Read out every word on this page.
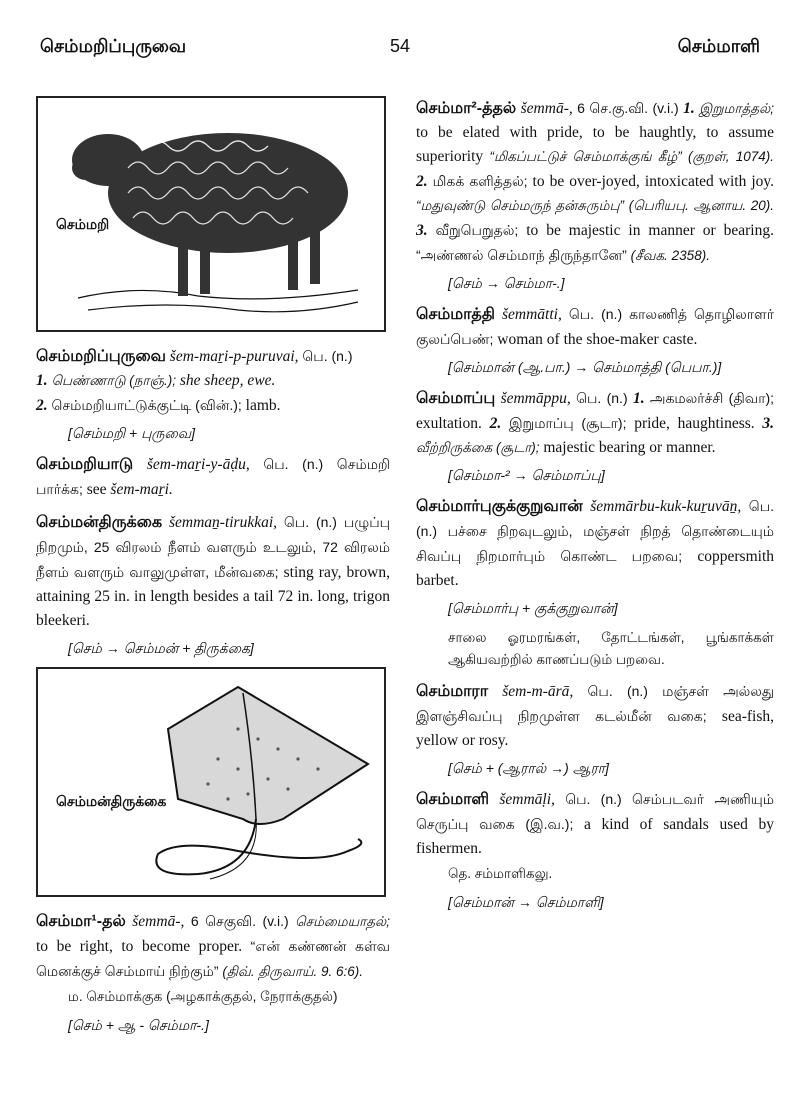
செம்மறிப்புருவை	54	செம்மாளி
செம்மறி
செம்மறிப்புருவை šem-maṟi-p-puruvai, பெ. (n.)
1. பெண்ணாடு (நாஞ்.); she sheep, ewe.
2. செம்மறியாட்டுக்குட்டி (வின்.); lamb.
[செம்மறி + புருவை]
செம்மறியாடு šem-maṟi-y-āḍu, பெ. (n.) செம்மறி பார்க்க; see šem-maṟi.
செம்மன்திருக்கை šemmaṉ-tirukkai, பெ. (n.) பழுப்பு நிறமும், 25 விரலம் நீளம் வளரும் உடலும், 72 விரலம் நீளம் வளரும் வாலுமுள்ள, மீன்வகை; sting ray, brown, attaining 25 in. in length besides a tail 72 in. long, trigon bleekeri.
[செம் → செம்மன் + திருக்கை]
செம்மன்திருக்கை
செம்மா¹-தல் šemmā-, 6 செகுவி. (v.i.) செம்மையாதல்; to be right, to become proper. “என் கண்ணன் கள்வ மெனக்குச் செம்மாய் நிற்கும்” (திவ். திருவாய். 9. 6:6).
ம. செம்மாக்குக (அழகாக்குதல், நேராக்குதல்)
[செம் + ஆ - செம்மா-.]
செம்மா²-த்தல் šemmā-, 6 செ.கு.வி. (v.i.) 1. இறுமாத்தல்; to be elated with pride, to be haughtly, to assume superiority “மிகப்பட்டுச் செம்மாக்குங் கீழ்” (குறள், 1074). 2. மிகக் களித்தல்; to be over-joyed, intoxicated with joy. “மதுவுண்டு செம்மருந் தன்சுரும்பு” (பெரியபு. ஆனாய. 20). 3. வீறுபெறுதல்; to be majestic in manner or bearing. “அண்ணல் செம்மாந் திருந்தானே” (சீவக. 2358).
[செம் → செம்மா-.]
செம்மாத்தி šemmātti, பெ. (n.) காலணித் தொழிலாளர் குலப்பெண்; woman of the shoe-maker caste.
[செம்மான் (ஆ.பா.) → செம்மாத்தி (பெபா.)]
செம்மாப்பு šemmāppu, பெ. (n.) 1. அகமலர்ச்சி (திவா); exultation. 2. இறுமாப்பு (சூடா); pride, haughtiness. 3. வீற்றிருக்கை (சூடா); majestic bearing or manner.
[செம்மா-² → செம்மாப்பு]
செம்மார்புகுக்குறுவான் šemmārbu-kuk-kuṟuvāṉ, பெ. (n.) பச்சை நிறவுடலும், மஞ்சள் நிறத் தொண்டையும் சிவப்பு நிறமார்பும் கொண்ட பறவை; coppersmith barbet.
[செம்மார்பு + குக்குறுவான்]
சாலை ஓரமரங்கள், தோட்டங்கள், பூங்காக்கள் ஆகியவற்றில் காணப்படும் பறவை.
செம்மாரா šem-m-ārā, பெ. (n.) மஞ்சள் அல்லது இளஞ்சிவப்பு நிறமுள்ள கடல்மீன் வகை; sea-fish, yellow or rosy.
[செம் + (ஆரால் →) ஆரா]
செம்மாளி šemmāḷi, பெ. (n.) செம்படவர் அணியும் செருப்பு வகை (இ.வ.); a kind of sandals used by fishermen.
தெ. சம்மாளிகலு.
[செம்மான் → செம்மாளி]
